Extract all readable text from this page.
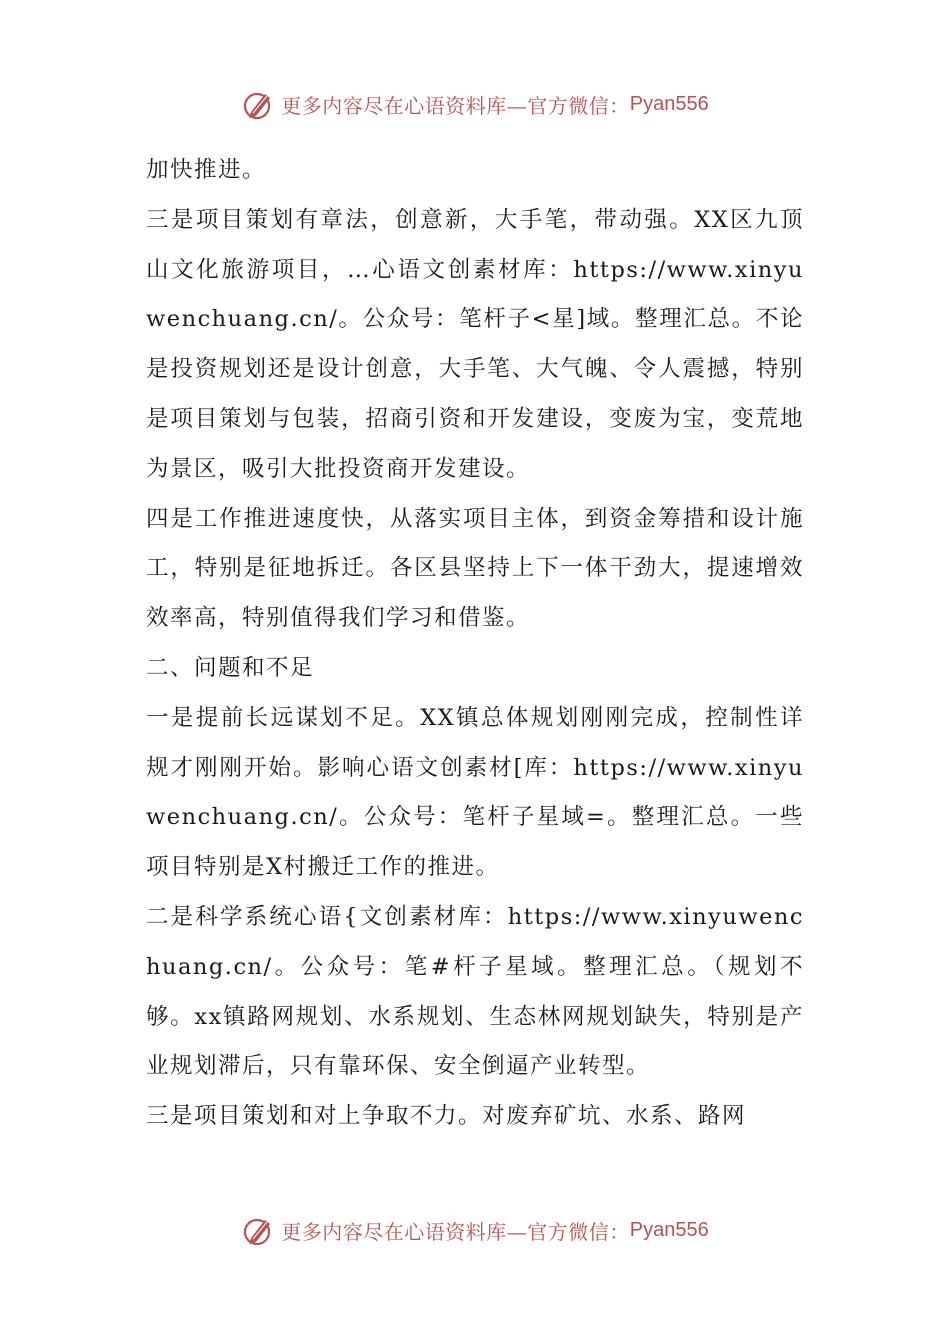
更多内容尽在心语资料库—官方微信： Pyan556

加快推进。

三是项目策划有章法，创意新，大手笔，带动强。XX区九顶山文化旅游项目，…心语文创素材库：https://www.xinyuwenchuang.cn/。公众号：笔杆子<星]域。整理汇总。不论是投资规划还是设计创意，大手笔、大气魄、令人震撼，特别是项目策划与包装，招商引资和开发建设，变废为宝，变荒地为景区，吸引大批投资商开发建设。

四是工作推进速度快，从落实项目主体，到资金筹措和设计施工，特别是征地拆迁。各区县坚持上下一体干劲大，提速增效效率高，特别值得我们学习和借鉴。

二、问题和不足

一是提前长远谋划不足。XX镇总体规划刚刚完成，控制性详规才刚刚开始。影响心语文创素材[库：https://www.xinyuwenchuang.cn/。公众号：笔杆子星域=。整理汇总。一些项目特别是X村搬迁工作的推进。

二是科学系统心语{文创素材库：https://www.xinyuwenchuang.cn/。公众号：笔#杆子星域。整理汇总。（规划不够。xx镇路网规划、水系规划、生态林网规划缺失，特别是产业规划滞后，只有靠环保、安全倒逼产业转型。

三是项目策划和对上争取不力。对废弃矿坑、水系、路网

更多内容尽在心语资料库—官方微信： Pyan556
